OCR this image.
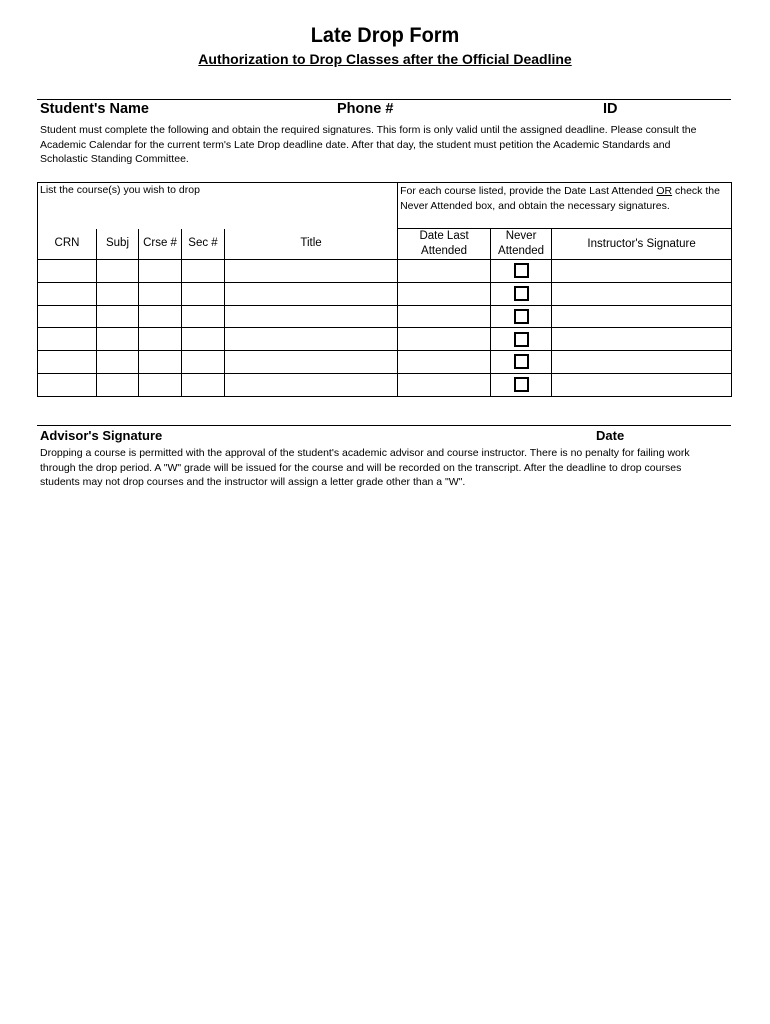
Late Drop Form
Authorization to Drop Classes after the Official Deadline
Student's Name	Phone #	ID
Student must complete the following and obtain the required signatures. This form is only valid until the assigned deadline. Please consult the Academic Calendar for the current term's Late Drop deadline date. After that day, the student must petition the Academic Standards and Scholastic Standing Committee.
List the course(s) you wish to drop					For each course listed, provide the Date Last Attended OR check the Never Attended box, and obtain the necessary signatures.		
CRN	Subj	Crse #	Sec #	Title	Date Last Attended	Never Attended	Instructor's Signature

Advisor's Signature	Date
Dropping a course is permitted with the approval of the student's academic advisor and course instructor. There is no penalty for failing work through the drop period. A "W" grade will be issued for the course and will be recorded on the transcript. After the deadline to drop courses students may not drop courses and the instructor will assign a letter grade other than a "W".
